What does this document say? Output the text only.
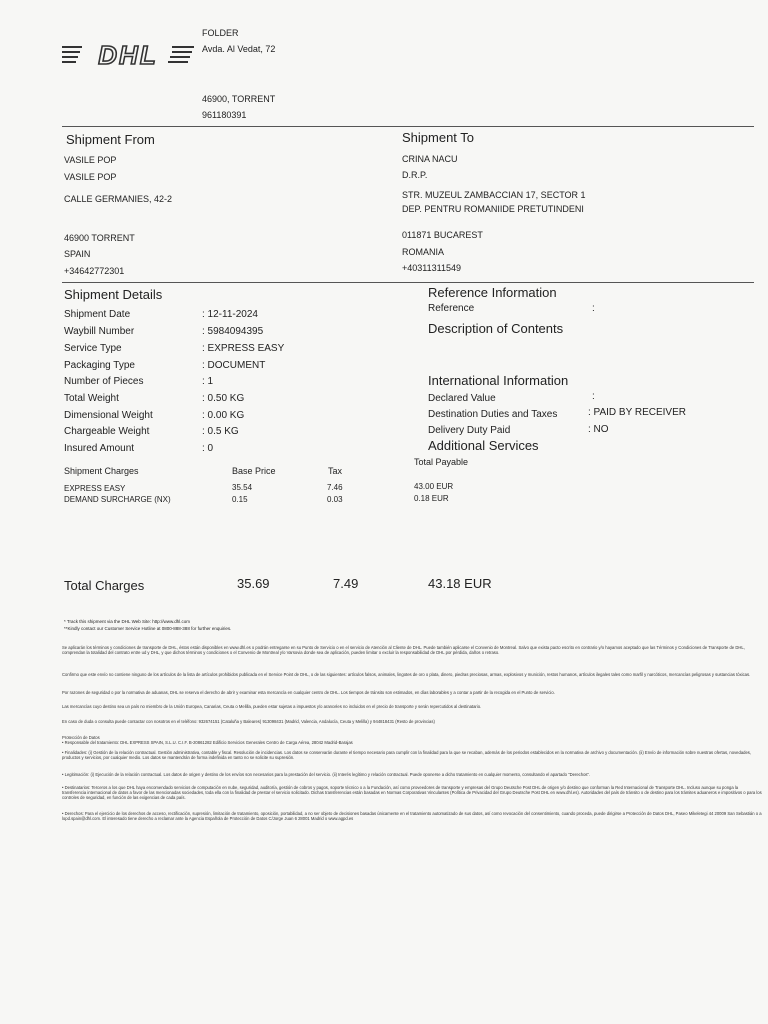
DHL
FOLDER
Avda. Al Vedat, 72
46900, TORRENT
961180391
Shipment From
VASILE POP
VASILE POP
CALLE GERMANIES, 42-2
46900 TORRENT
SPAIN
+34642772301
Shipment To
CRINA NACU
D.R.P.
STR. MUZEUL ZAMBACCIAN 17, SECTOR 1
DEP. PENTRU ROMANIIDE PRETUTINDENI
011871 BUCAREST
ROMANIA
+40311311549
Shipment Details
Shipment Date	: 12-11-2024
Waybill Number	: 5984094395
Service Type	: EXPRESS EASY
Packaging Type	: DOCUMENT
Number of Pieces	: 1
Total Weight	: 0.50 KG
Dimensional Weight	: 0.00 KG
Chargeable Weight	: 0.5 KG
Insured Amount	: 0
Reference Information
Reference	:
Description of Contents
International Information
Declared Value	:
Destination Duties and Taxes	: PAID BY RECEIVER
Delivery Duty Paid	: NO
Additional Services
Shipment Charges	Base Price	Tax
Total Payable
EXPRESS EASY	35.54	7.46	43.00 EUR
DEMAND SURCHARGE (NX)	0.15	0.03	0.18 EUR
Total Charges	35.69	7.49	43.18 EUR
* Track this shipment via the DHL Web Site: http://www.dhl.com
**Kindly contact our Customer Service Hotline at 0800-888-388 for further enquiries.
Se aplicarán los términos y condiciones de transporte de DHL, éstos están disponibles en www.dhl.es o podrán entregarse en su Punto de Servicio o en el servicio de Atención al Cliente de DHL. Puede también aplicarse el Convenio de Montreal. Salvo que exista pacto escrito en contrario y/o hayamos aceptado que las Términos y Condiciones de Transporte de DHL, comprendan la totalidad del contrato entre ud y DHL, y que dichos términos y condiciones o el Convenio de Montreal y/o Varsovia donde sea de aplicación, pueden limitar o excluir la responsabilidad de DHL por pérdida, daños o retraso.
Confirmo que este envío no contiene ninguno de los artículos de la lista de artículos prohibidos publicada en el Service Point de DHL, o de las siguientes: artículos falsos, animales, lingotes de oro o plata, dinero, piedras preciosas, armas, explosivos y munición, restos humanos, artículos ilegales tales como marfil y narcóticos, mercancías peligrosas y sustancias tóxicas.
Por razones de seguridad o por la normativa de aduanas, DHL se reserva el derecho de abrir y examinar esta mercancía en cualquier centro de DHL. Los tiempos de tránsito son estimados, en días laborables y a contar a partir de la recogida en el Punto de servicio.
Las mercancías cuyo destino sea un país no miembro de la Unión Europea, Canarias, Ceuta o Melilla, pueden estar sujetas a impuestos y/o aranceles no incluidos en el precio de transporte y serán repercutidos al destinatario.
En caso de duda o consulta puede contactar con nosotros en el teléfono: 932674151 (Cataluña y Baleares) 913098431 (Madrid, Valencia, Andalucía, Ceuta y Melilla) y 944818431 (Resto de provincias)
Protección de Datos
• Responsable del tratamiento: DHL EXPRESS SPAIN, S.L.U. C.I.F. B-20861282 Edificio Servicios Generales Centro de Carga Aérea, 28042 Madrid-Barajas
• Finalidades: (i) Gestión de la relación contractual. Gestión administrativa, contable y fiscal. Resolución de incidencias. Los datos se conservarán durante el tiempo necesario para cumplir con la finalidad para la que se recaban, además de los periodos establecidos en la normativa de archivo y documentación. (ii) Envío de información sobre nuestras ofertas, novedades, productos y servicios, por cualquier medio. Los datos se mantendrán de forma indefinida en tanto no se solicite su supresión.
• Legitimación: (i) Ejecución de la relación contractual. Los datos de origen y destino de los envíos son necesarios para la prestación del servicio. (ii) Interés legítimo y relación contractual. Puede oponerse a dicho tratamiento en cualquier momento, consultando el apartado "Derechos".
• Destinatarios: Terceros a los que DHL haya encomendado servicios de computación en nube, seguridad, auditoría, gestión de cobros y pagos, soporte técnico o a la Fundación, así como proveedores de transporte y empresas del Grupo Deutsche Post DHL de origen y/o destino que conforman la Red Internacional de Transporte DHL. Incluso aunque su ponga la transferencia internacional de datos a favor de las mencionadas sociedades, toda ella con la finalidad de prestar el servicio solicitado. Dichas transferencias están basadas en Normas Corporativas Vinculantes (Política de Privacidad del Grupo Deutsche Post DHL en www.dhl.es). Autoridades del país de tránsito o de destino para los trámites aduaneros e impositivos o para los controles de seguridad, en función de las exigencias de cada país.
• Derechos: Para el ejercicio de los derechos de acceso, rectificación, supresión, limitación de tratamiento, oposición, portabilidad, a no ser objeto de decisiones basadas únicamente en el tratamiento automatizado de sus datos, así como revocación del consentimiento, cuando proceda, puede dirigirse a Protección de Datos DHL, Paseo Mikeletegi 44 20009 San Sebastián o a lopd.spain@dhl.com. El interesado tiene derecho a reclamar ante la Agencia Española de Protección de Datos C/Jorge Juan 6 28001 Madrid o www.agpd.es
